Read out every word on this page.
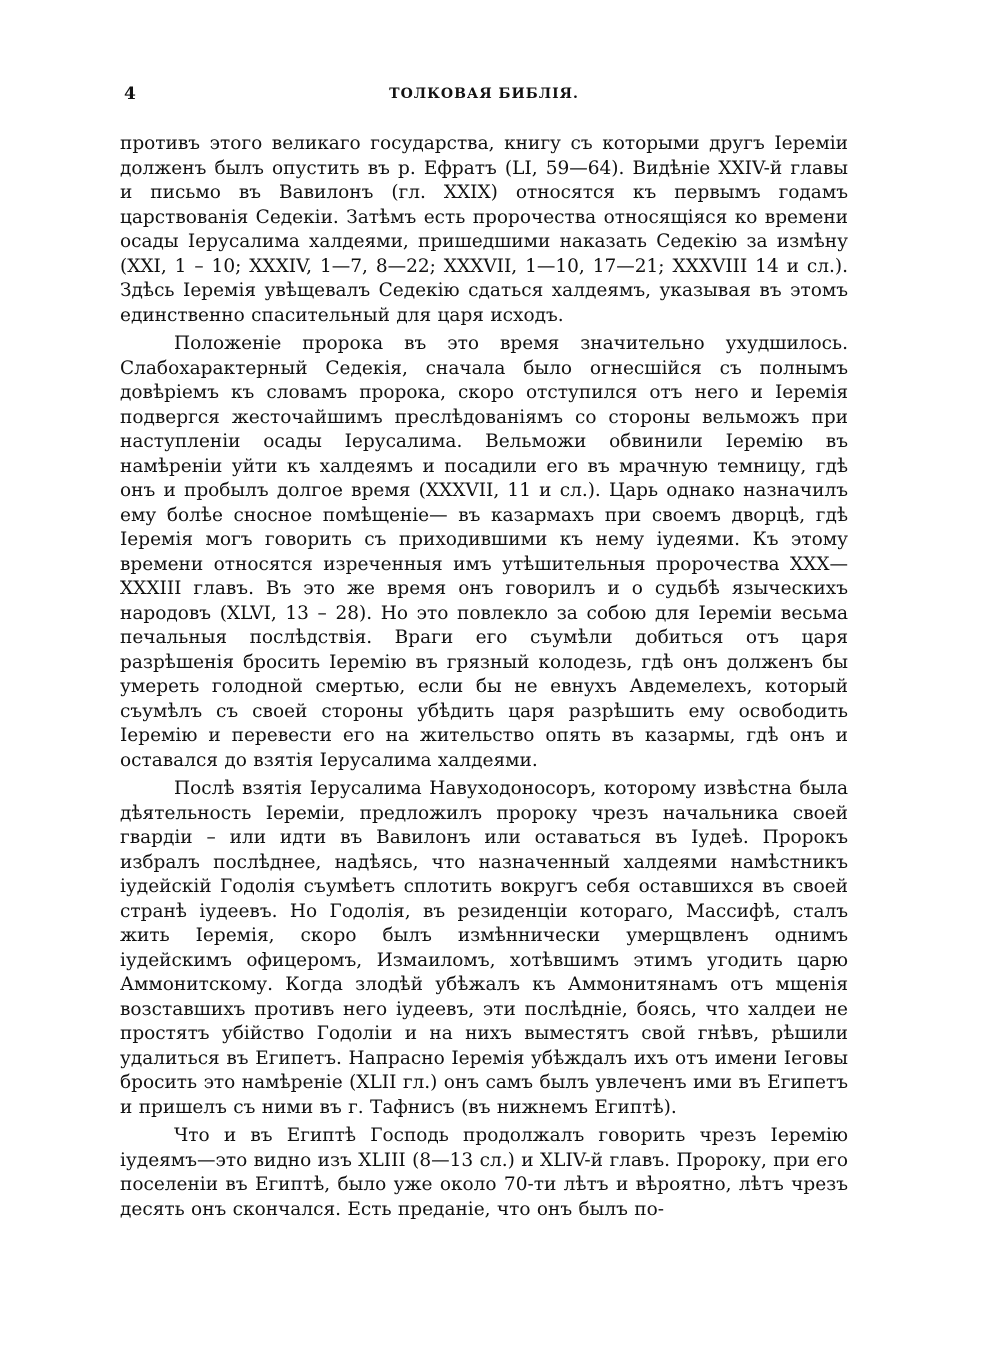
4	ТОЛКОВАЯ БИБЛІЯ.

противъ этого великаго государства, книгу съ которыми другъ Iеремiи долженъ былъ опустить въ р. Ефратъ (LI, 59—64). Видѣнiе XXIV-й главы и письмо въ Вавилонъ (гл. XXIX) относятся къ первымъ годамъ царствованiя Седекiи. Затѣмъ есть пророчества относящiяся ко времени осады Iерусалима халдеями, пришедшими наказать Седекiю за измѣну (XXI, 1 – 10; XXXIV, 1—7, 8—22; XXXVII, 1—10, 17—21; XXXVIII 14 и сл.). Здѣсь Iеремiя увѣщевалъ Седекiю сдаться халдеямъ, указывая въ этомъ единственно спасительный для царя исходъ.

Положенiе пророка въ это время значительно ухудшилось. Слабохарактерный Седекiя, сначала было огнесшiйся съ полнымъ довѣрiемъ къ словамъ пророка, скоро отступился отъ него и Iеремiя подвергся жесточайшимъ преслѣдованiямъ со стороны вельможъ при наступленiи осады Iерусалима. Вельможи обвинили Iеремiю въ намѣренiи уйти къ халдеямъ и посадили его въ мрачную темницу, гдѣ онъ и пробылъ долгое время (XXXVII, 11 и сл.). Царь однако назначилъ ему болѣе сносное помѣщенiе— въ казармахъ при своемъ дворцѣ, гдѣ Iеремiя могъ говорить съ приходившими къ нему iудеями. Къ этому времени относятся изреченныя имъ утѣшительныя пророчества XXX—XXXIII главъ. Въ это же время онъ говорилъ и о судьбѣ языческихъ народовъ (XLVI, 13 – 28). Но это повлекло за собою для Iеремiи весьма печальныя послѣдствiя. Враги его съумѣли добиться отъ царя разрѣшенiя бросить Iеремiю въ грязный колодезь, гдѣ онъ долженъ бы умереть голодной смертью, если бы не евнухъ Авдемелехъ, который съумѣлъ съ своей стороны убѣдить царя разрѣшить ему освободить Iеремiю и перевести его на жительство опять въ казармы, гдѣ онъ и оставался до взятiя Iерусалима халдеями.

Послѣ взятiя Iерусалима Навуходоносоръ, которому извѣстна была дѣятельность Iеремiи, предложилъ пророку чрезъ начальника своей гвардiи – или идти въ Вавилонъ или оставаться въ Iудеѣ. Пророкъ избралъ послѣднее, надѣясь, что назначенный халдеями намѣстникъ iудейскiй Годолiя съумѣетъ сплотить вокругъ себя оставшихся въ своей странѣ iудеевъ. Но Годолiя, въ резиденцiи котораго, Массифѣ, сталъ жить Iеремiя, скоро былъ измѣннически умерщвленъ однимъ iудейскимъ офицеромъ, Измаиломъ, хотѣвшимъ этимъ угодить царю Аммонитскому. Когда злодѣй убѣжалъ къ Аммонитянамъ отъ мщенiя возставшихъ противъ него iудеевъ, эти послѣднiе, боясь, что халдеи не простятъ убiйство Годолiи и на нихъ выместятъ свой гнѣвъ, рѣшили удалиться въ Египетъ. Напрасно Iеремiя убѣждалъ ихъ отъ имени Iеговы бросить это намѣренiе (XLII гл.) онъ самъ былъ увлеченъ ими въ Египетъ и пришелъ съ ними въ г. Тафнисъ (въ нижнемъ Египтѣ).

Что и въ Египтѣ Господь продолжалъ говорить чрезъ Iеремiю iудеямъ—это видно изъ XLIII (8—13 сл.) и XLIV-й главъ. Пророку, при его поселенiи въ Египтѣ, было уже около 70-ти лѣтъ и вѣроятно, лѣтъ чрезъ десять онъ скончался. Есть преданiе, что онъ былъ по-
